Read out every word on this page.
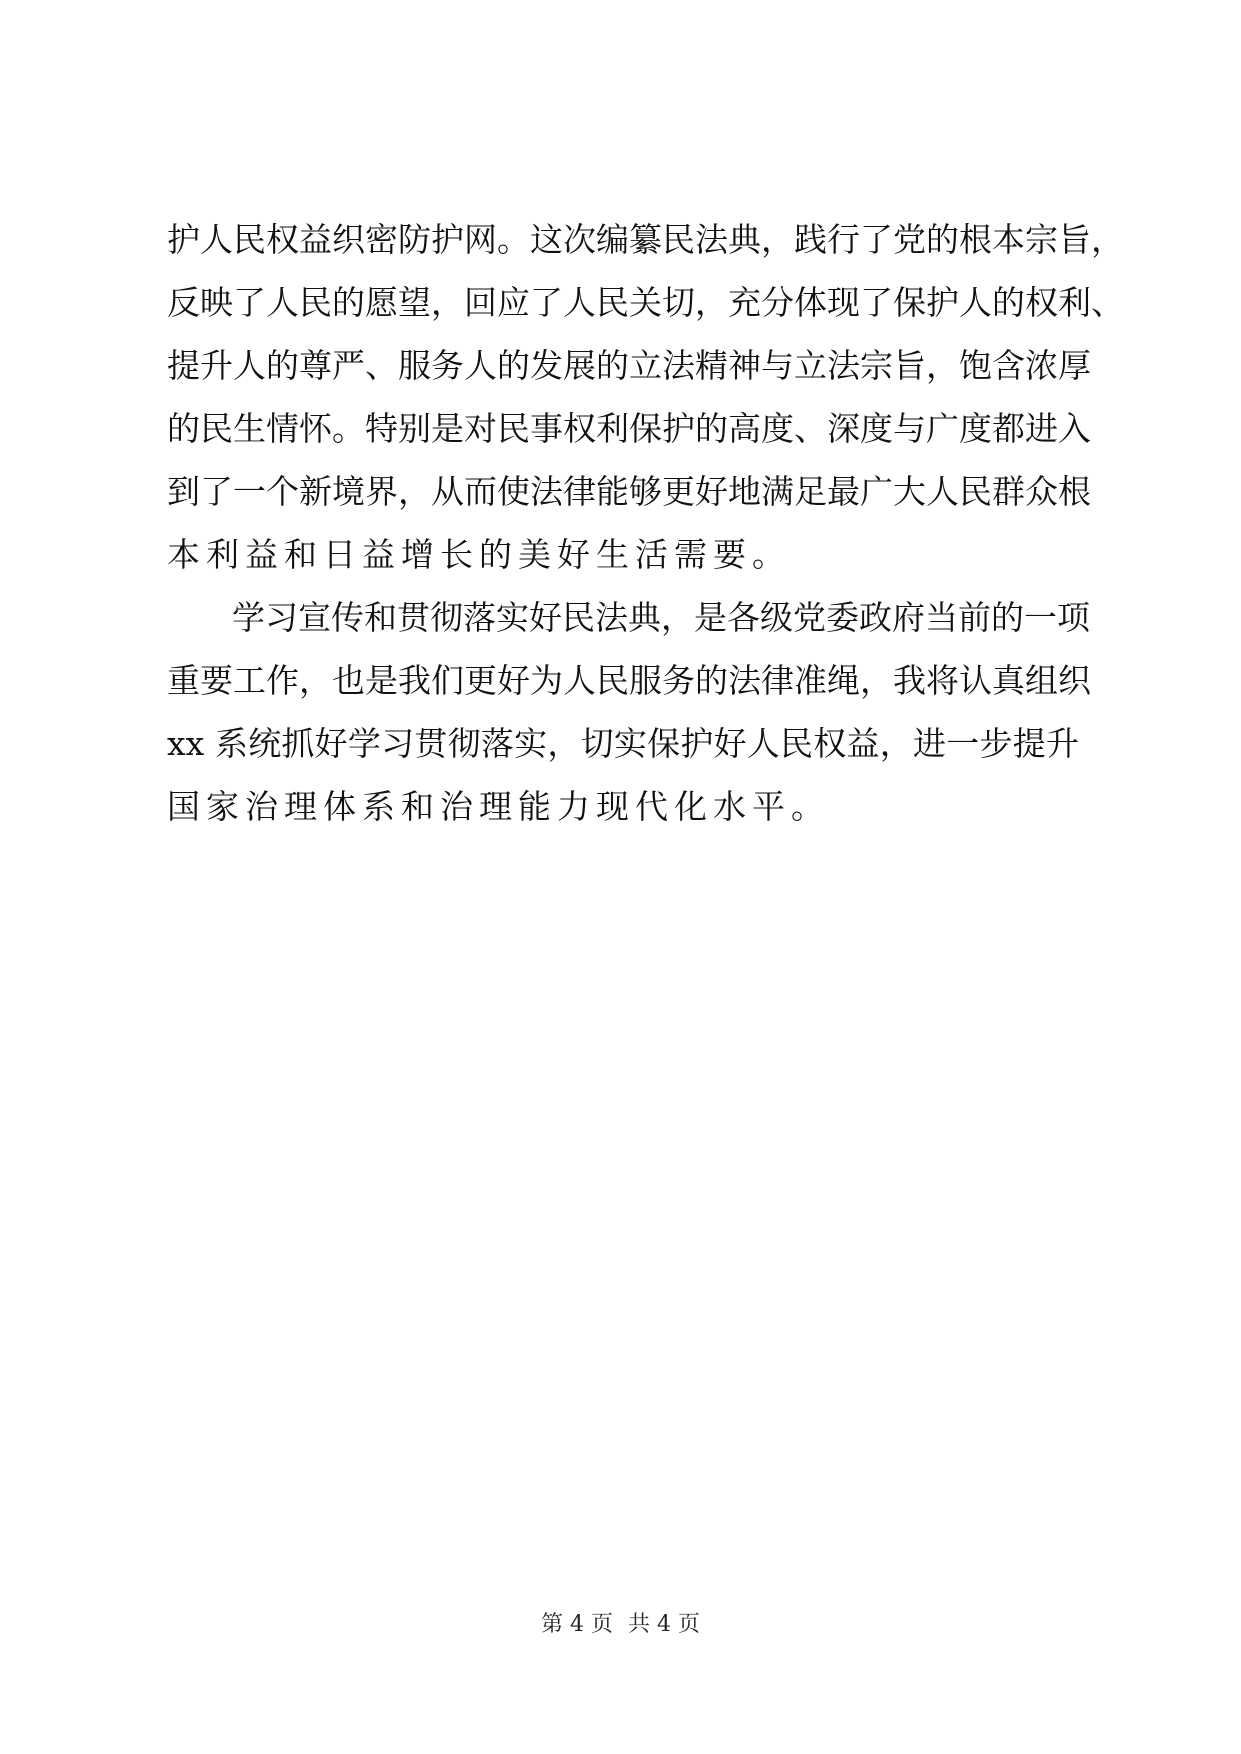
护人民权益织密防护网。这次编纂民法典，践行了党的根本宗旨，
反映了人民的愿望，回应了人民关切，充分体现了保护人的权利、
提升人的尊严、服务人的发展的立法精神与立法宗旨，饱含浓厚
的民生情怀。特别是对民事权利保护的高度、深度与广度都进入
到了一个新境界，从而使法律能够更好地满足最广大人民群众根
本利益和日益增长的美好生活需要。
学习宣传和贯彻落实好民法典，是各级党委政府当前的一项
重要工作，也是我们更好为人民服务的法律准绳，我将认真组织
xx 系统抓好学习贯彻落实，切实保护好人民权益，进一步提升
国家治理体系和治理能力现代化水平。
第 4 页 共 4 页
